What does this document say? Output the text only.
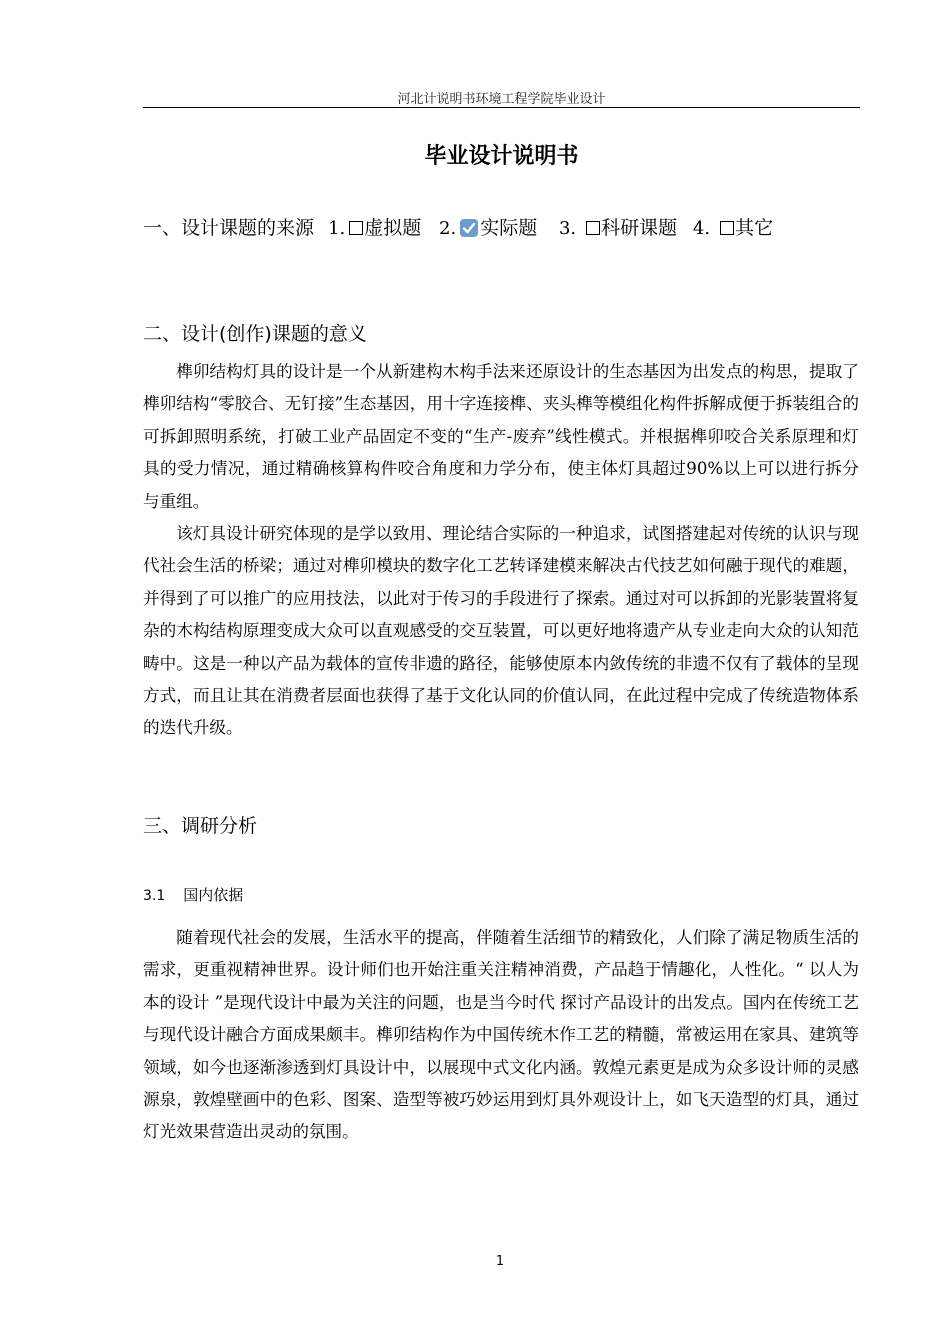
河北计说明书环境工程学院毕业设计
毕业设计说明书
一、设计课题的来源 1. 虚拟题 2. 实际题 3. 科研课题 4. 其它
二、设计(创作)课题的意义

榫卯结构灯具的设计是一个从新建构木构手法来还原设计的生态基因为出发点的构思，提取了榫卯结构“零胶合、无钉接”生态基因，用十字连接榫、夹头榫等模组化构件拆解成便于拆装组合的可拆卸照明系统，打破工业产品固定不变的“生产-废弃”线性模式。并根据榫卯咬合关系原理和灯具的受力情况，通过精确核算构件咬合角度和力学分布，使主体灯具超过90%以上可以进行拆分与重组。

该灯具设计研究体现的是学以致用、理论结合实际的一种追求，试图搭建起对传统的认识与现代社会生活的桥梁；通过对榫卯模块的数字化工艺转译建模来解决古代技艺如何融于现代的难题，并得到了可以推广的应用技法，以此对于传习的手段进行了探索。通过对可以拆卸的光影装置将复杂的木构结构原理变成大众可以直观感受的交互装置，可以更好地将遗产从专业走向大众的认知范畴中。这是一种以产品为载体的宣传非遗的路径，能够使原本内敛传统的非遗不仅有了载体的呈现方式，而且让其在消费者层面也获得了基于文化认同的价值认同，在此过程中完成了传统造物体系的迭代升级。

三、调研分析
3.1 国内依据

随着现代社会的发展，生活水平的提高，伴随着生活细节的精致化，人们除了满足物质生活的需求，更重视精神世界。设计师们也开始注重关注精神消费，产品趋于情趣化，人性化。“ 以人为本的设计 ”是现代设计中最为关注的问题，也是当今时代 探讨产品设计的出发点。国内在传统工艺与现代设计融合方面成果颇丰。榫卯结构作为中国传统木作工艺的精髓，常被运用在家具、建筑等领域，如今也逐渐渗透到灯具设计中，以展现中式文化内涵。敦煌元素更是成为众多设计师的灵感源泉，敦煌壁画中的色彩、图案、造型等被巧妙运用到灯具外观设计上，如飞天造型的灯具，通过灯光效果营造出灵动的氛围。

1
